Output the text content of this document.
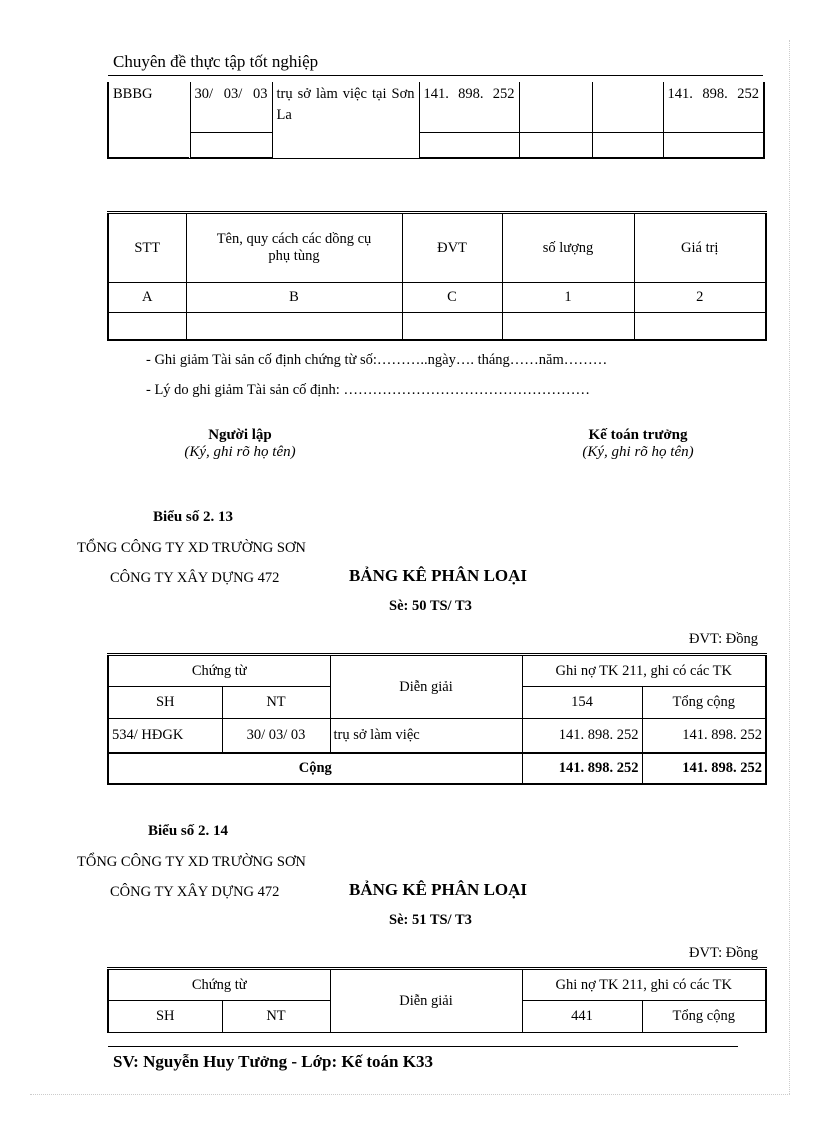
Chuyên đề thực tập tốt nghiệp
BBBG	30/ 03/ 03	trụ sở làm việc tại Sơn La	141. 898. 252			141. 898. 252

STT	Tên, quy cách các dồng cụ phụ tùng	ĐVT	số lượng	Giá trị
A	B	C	1	2

- Ghi giảm Tài sản cố định chứng từ số:………..ngày…. tháng……năm………
- Lý do ghi giảm Tài sản cố định: ……………………………………………
Người lập
(Ký, ghi rõ họ tên)
Kế toán trưởng
(Ký, ghi rõ họ tên)
Biểu số 2. 13
TỔNG CÔNG TY XD TRƯỜNG SƠN
CÔNG TY XÂY DỰNG 472	BẢNG KÊ PHÂN LOẠI
Sè: 50 TS/ T3
ĐVT: Đồng
Chứng từ		Diễn giải	Ghi nợ TK 211, ghi có các TK	
SH	NT		154	Tổng cộng
534/ HĐGK	30/ 03/ 03	trụ sở làm việc	141. 898. 252	141. 898. 252
Cộng			141. 898. 252	141. 898. 252
Biểu số 2. 14
TỔNG CÔNG TY XD TRƯỜNG SƠN
CÔNG TY XÂY DỰNG 472	BẢNG KÊ PHÂN LOẠI
Sè: 51 TS/ T3
ĐVT: Đồng
Chứng từ		Diễn giải	Ghi nợ TK 211, ghi có các TK	
SH	NT		441	Tổng cộng
SV: Nguyễn Huy Tưởng - Lớp: Kế toán K33
